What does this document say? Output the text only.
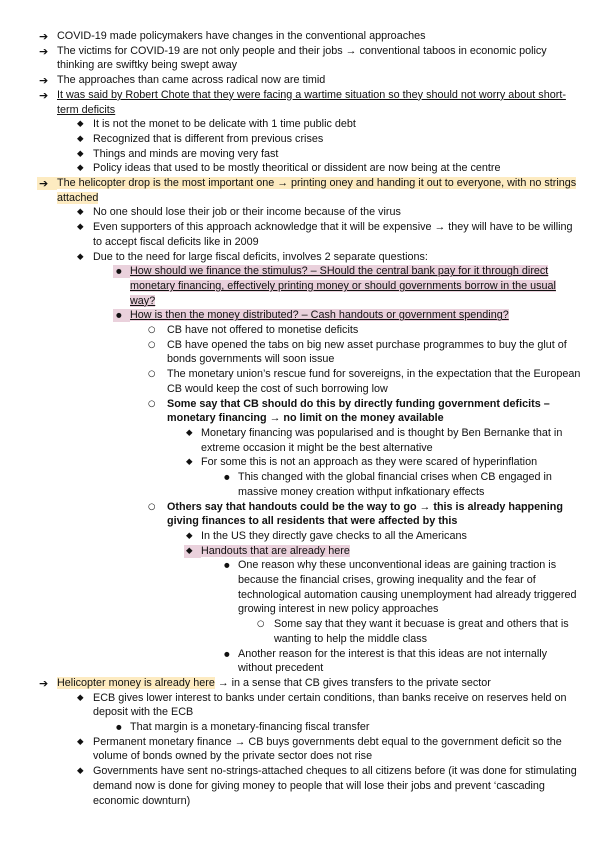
➔
COVID-19 made policymakers have changes in the conventional approaches
➔
The victims for COVID-19 are not only people and their jobs → conventional taboos in economic policy thinking are swiftky being swept away
➔
The approaches than came across radical now are timid
➔
It was said by Robert Chote that they were facing a wartime situation so they should not worry about short-term deficits
◆
It is not the monet to be delicate with 1 time public debt
◆
Recognized that is different from previous crises
◆
Things and minds are moving very fast
◆
Policy ideas that used to be mostly theoritical or dissident are now being at the centre
➔
The helicopter drop is the most important one → printing oney and handing it out to everyone, with no strings attached
◆
No one should lose their job or their income because of the virus
◆
Even supporters of this approach acknowledge that it will be expensive → they will have to be willing to accept fiscal deficits like in 2009
◆
Due to the need for large fiscal deficits, involves 2 separate questions:
●
How should we finance the stimulus? – SHould the central bank pay for it through direct monetary financing, effectively printing money or should governments borrow in the usual way?
●
How is then the money distributed? – Cash handouts or government spending?
○
CB have not offered to monetise deficits
○
CB have opened the tabs on big new asset purchase programmes to buy the glut of bonds governments will soon issue
○
The monetary union’s rescue fund for sovereigns, in the expectation that the European CB would keep the cost of such borrowing low
○
Some say that CB should do this by directly funding government deficits – monetary financing → no limit on the money available
◆
Monetary financing was popularised and is thought by Ben Bernanke that in extreme occasion it might be the best alternative
◆
For some this is not an approach as they were scared of hyperinflation
●
This changed with the global financial crises when CB engaged in massive money creation withput infkationary effects
○
Others say that handouts could be the way to go → this is already happening giving finances to all residents that were affected by this
◆
In the US they directly gave checks to all the Americans
◆
Handouts that are already here
●
One reason why these unconventional ideas are gaining traction is because the financial crises, growing inequality and the fear of technological automation causing unemployment had already triggered growing interest in new policy approaches
○
Some say that they want it becuase is great and others that is wanting to help the middle class
●
Another reason for the interest is that this ideas are not internally without precedent
➔
Helicopter money is already here → in a sense that CB gives transfers to the private sector
◆
ECB gives lower interest to banks under certain conditions, than banks receive on reserves held on deposit with the ECB
●
That margin is a monetary-financing fiscal transfer
◆
Permanent monetary finance → CB buys governments debt equal to the government deficit so the volume of bonds owned by the private sector does not rise
◆
Governments have sent no-strings-attached cheques to all citizens before (it was done for stimulating demand now is done for giving money to people that will lose their jobs and prevent ‘cascading economic downturn)
